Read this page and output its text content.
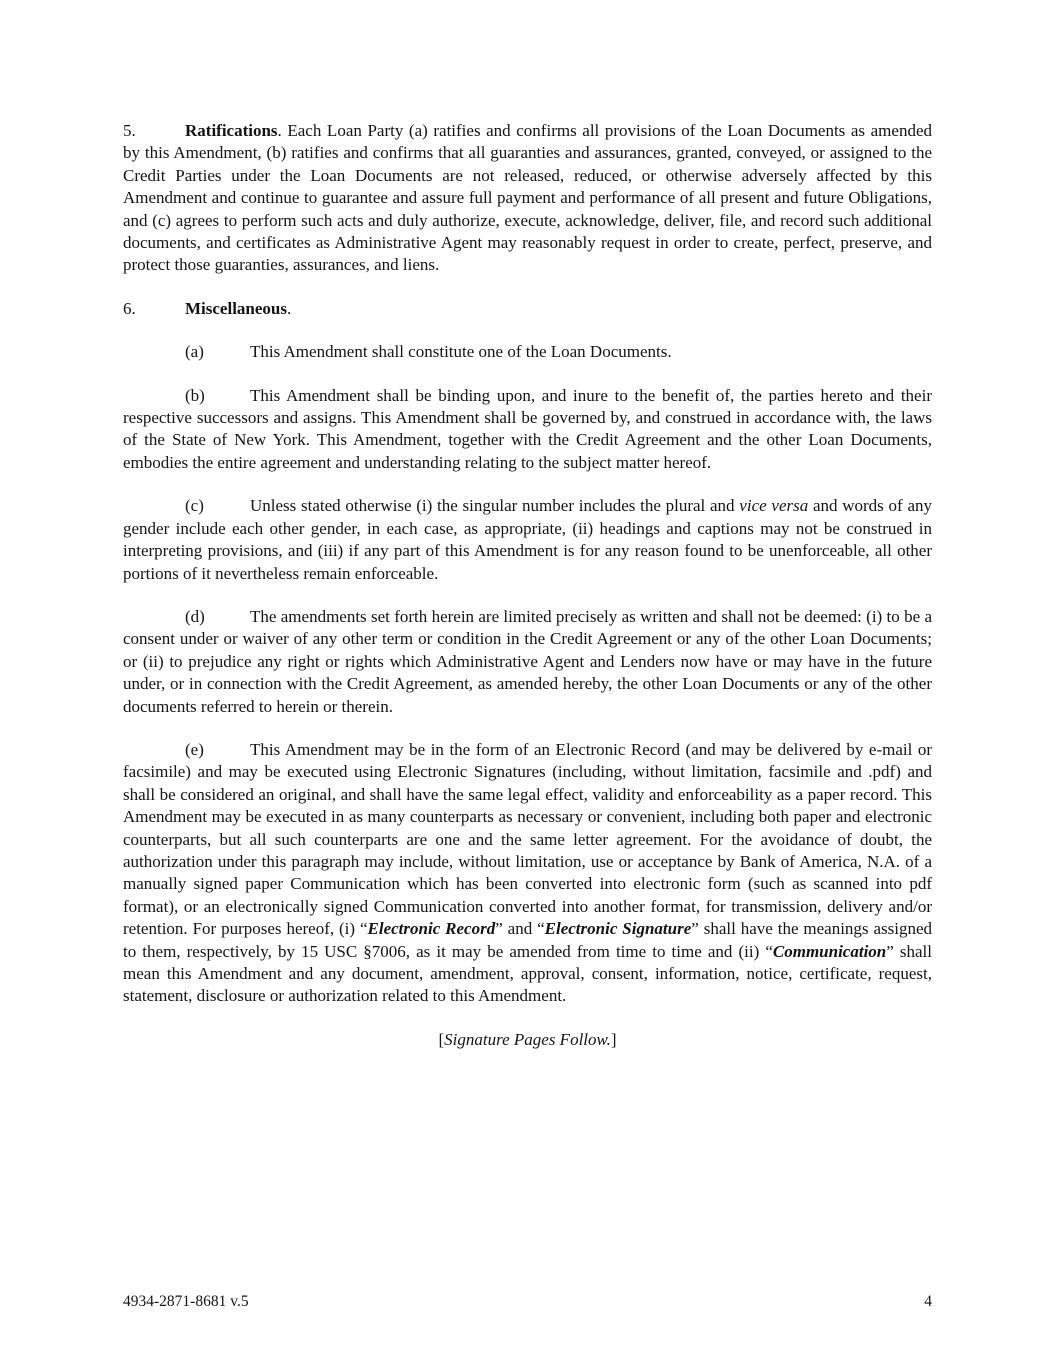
5.	Ratifications. Each Loan Party (a) ratifies and confirms all provisions of the Loan Documents as amended by this Amendment, (b) ratifies and confirms that all guaranties and assurances, granted, conveyed, or assigned to the Credit Parties under the Loan Documents are not released, reduced, or otherwise adversely affected by this Amendment and continue to guarantee and assure full payment and performance of all present and future Obligations, and (c) agrees to perform such acts and duly authorize, execute, acknowledge, deliver, file, and record such additional documents, and certificates as Administrative Agent may reasonably request in order to create, perfect, preserve, and protect those guaranties, assurances, and liens.

6.	Miscellaneous.

(a)	This Amendment shall constitute one of the Loan Documents.

(b)	This Amendment shall be binding upon, and inure to the benefit of, the parties hereto and their respective successors and assigns. This Amendment shall be governed by, and construed in accordance with, the laws of the State of New York. This Amendment, together with the Credit Agreement and the other Loan Documents, embodies the entire agreement and understanding relating to the subject matter hereof.

(c)	Unless stated otherwise (i) the singular number includes the plural and vice versa and words of any gender include each other gender, in each case, as appropriate, (ii) headings and captions may not be construed in interpreting provisions, and (iii) if any part of this Amendment is for any reason found to be unenforceable, all other portions of it nevertheless remain enforceable.

(d)	The amendments set forth herein are limited precisely as written and shall not be deemed: (i) to be a consent under or waiver of any other term or condition in the Credit Agreement or any of the other Loan Documents; or (ii) to prejudice any right or rights which Administrative Agent and Lenders now have or may have in the future under, or in connection with the Credit Agreement, as amended hereby, the other Loan Documents or any of the other documents referred to herein or therein.

(e)	This Amendment may be in the form of an Electronic Record (and may be delivered by e-mail or facsimile) and may be executed using Electronic Signatures (including, without limitation, facsimile and .pdf) and shall be considered an original, and shall have the same legal effect, validity and enforceability as a paper record. This Amendment may be executed in as many counterparts as necessary or convenient, including both paper and electronic counterparts, but all such counterparts are one and the same letter agreement. For the avoidance of doubt, the authorization under this paragraph may include, without limitation, use or acceptance by Bank of America, N.A. of a manually signed paper Communication which has been converted into electronic form (such as scanned into pdf format), or an electronically signed Communication converted into another format, for transmission, delivery and/or retention. For purposes hereof, (i) “Electronic Record” and “Electronic Signature” shall have the meanings assigned to them, respectively, by 15 USC §7006, as it may be amended from time to time and (ii) “Communication” shall mean this Amendment and any document, amendment, approval, consent, information, notice, certificate, request, statement, disclosure or authorization related to this Amendment.

[Signature Pages Follow.]

4934-2871-8681 v.5	4
